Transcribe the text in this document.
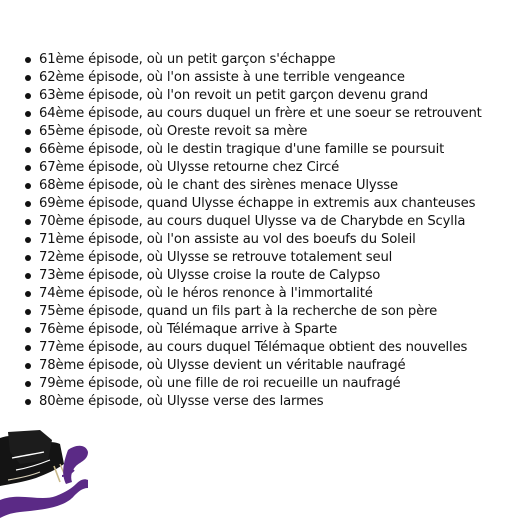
61ème épisode, où un petit garçon s'échappe
62ème épisode, où l'on assiste à une terrible vengeance
63ème épisode, où l'on revoit un petit garçon devenu grand
64ème épisode, au cours duquel un frère et une soeur se retrouvent
65ème épisode, où Oreste revoit sa mère
66ème épisode, où le destin tragique d'une famille se poursuit
67ème épisode, où Ulysse retourne chez Circé
68ème épisode, où le chant des sirènes menace Ulysse
69ème épisode, quand Ulysse échappe in extremis aux chanteuses
70ème épisode, au cours duquel Ulysse va de Charybde en Scylla
71ème épisode, où l'on assiste au vol des boeufs du Soleil
72ème épisode, où Ulysse se retrouve totalement seul
73ème épisode, où Ulysse croise la route de Calypso
74ème épisode, où le héros renonce à l'immortalité
75ème épisode, quand un fils part à la recherche de son père
76ème épisode, où Télémaque arrive à Sparte
77ème épisode, au cours duquel Télémaque obtient des nouvelles
78ème épisode, où Ulysse devient un véritable naufragé
79ème épisode, où une fille de roi recueille un naufragé
80ème épisode, où Ulysse verse des larmes
